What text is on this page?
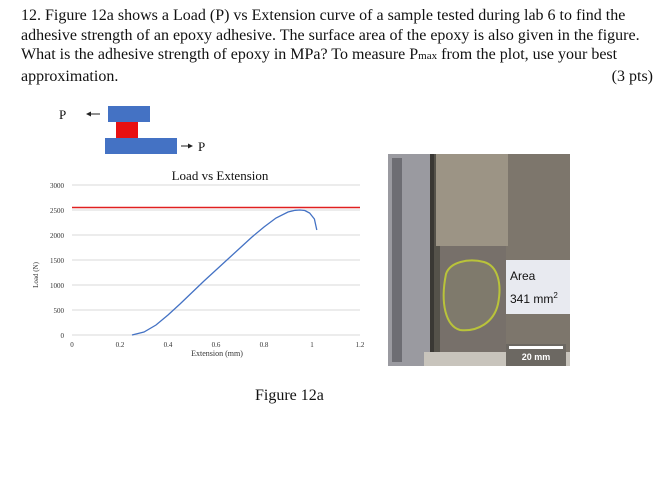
12. Figure 12a shows a Load (P) vs Extension curve of a sample tested during lab 6 to find the

adhesive strength of an epoxy adhesive. The surface area of the epoxy is also given in the figure.

What is the adhesive strength of epoxy in MPa? To measure Pmax from the plot, use your best

approximation.	(3 pts)
P
P
Load vs Extension
Extension (mm)
Load (N)
0
500
1000
1500
2000
2500
3000
0	0.2	0.4	0.6	0.8	1	1.2
Area
341 $mm^2$
20 mm
Figure 12a
